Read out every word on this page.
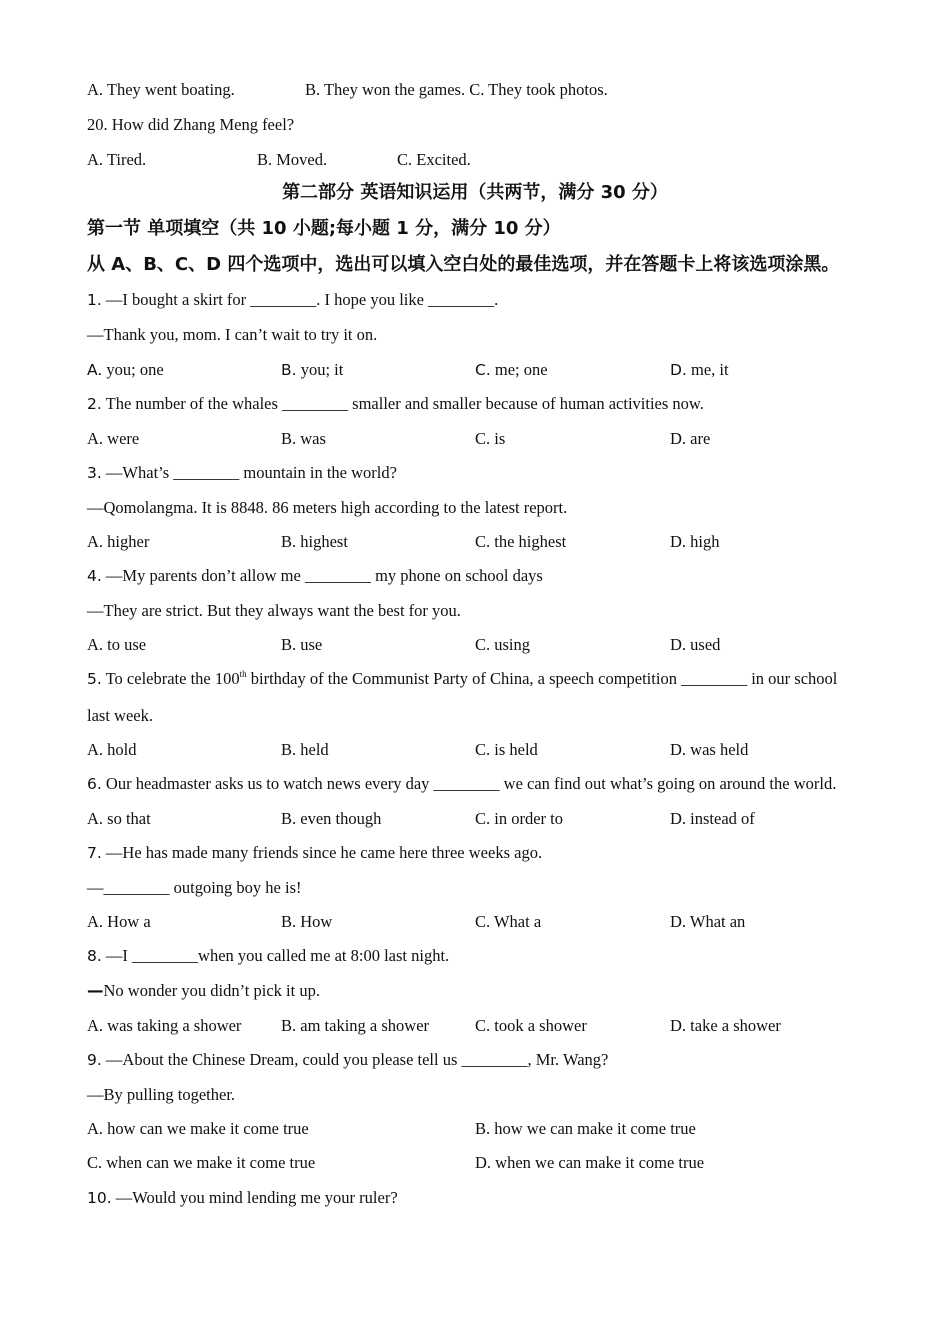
A. They went boating.	B. They won the games. C. They took photos.
20. How did Zhang Meng feel?
A. Tired.	B. Moved.	C. Excited.
第二部分 英语知识运用（共两节，满分 30 分）
第一节 单项填空（共 10 小题;每小题 1 分，满分 10 分）
从 A、B、C、D 四个选项中，选出可以填入空白处的最佳选项，并在答题卡上将该选项涂黑。
1. —I bought a skirt for ________. I hope you like ________.
—Thank you, mom. I can’t wait to try it on.
A. you; one	B. you; it	C. me; one	D. me, it
2. The number of the whales ________ smaller and smaller because of human activities now.
A. were	B. was	C. is	D. are
3. —What’s ________ mountain in the world?
—Qomolangma. It is 8848. 86 meters high according to the latest report.
A. higher	B. highest	C. the highest	D. high
4. —My parents don’t allow me ________ my phone on school days
—They are strict. But they always want the best for you.
A. to use	B. use	C. using	D. used
5. To celebrate the 100th birthday of the Communist Party of China, a speech competition ________ in our school
last week.
A. hold	B. held	C. is held	D. was held
6. Our headmaster asks us to watch news every day ________ we can find out what’s going on around the world.
A. so that	B. even though	C. in order to	D. instead of
7. —He has made many friends since he came here three weeks ago.
—________ outgoing boy he is!
A. How a	B. How	C. What a	D. What an
8. —I ________when you called me at 8:00 last night.
—No wonder you didn’t pick it up.
A. was taking a shower B. am taking a shower	C. took a shower	D. take a shower
9. —About the Chinese Dream, could you please tell us ________, Mr. Wang?
—By pulling together.
A. how can we make it come true	B. how we can make it come true
C. when can we make it come true	D. when we can make it come true
10. —Would you mind lending me your ruler?
